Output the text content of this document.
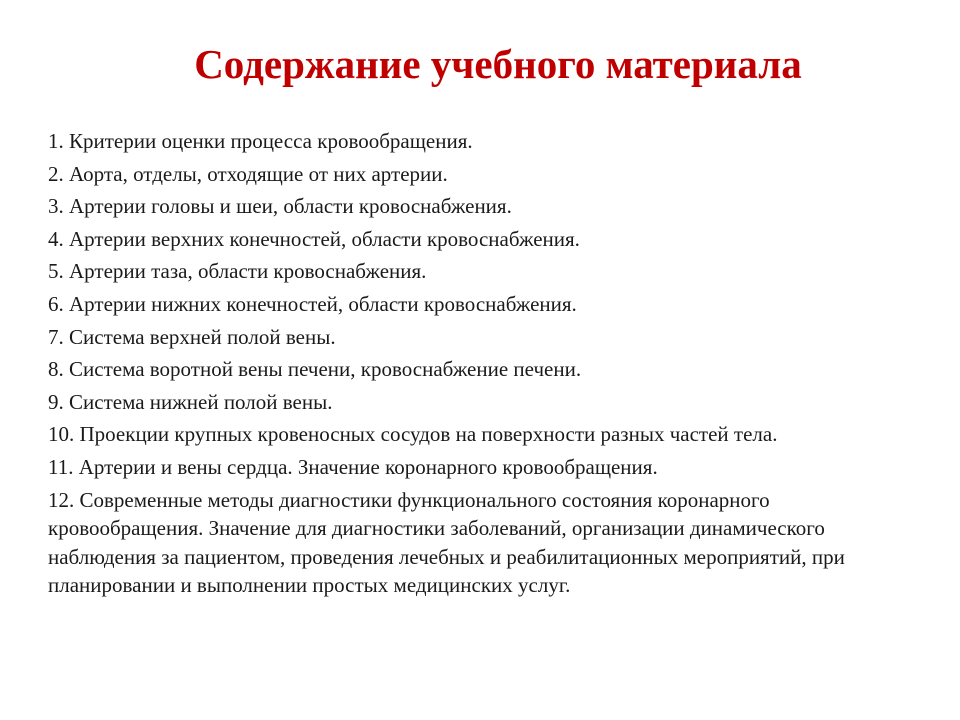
Содержание учебного материала
1. Критерии оценки процесса кровообращения.
2. Аорта, отделы, отходящие от них артерии.
3. Артерии головы и шеи, области кровоснабжения.
4. Артерии верхних конечностей, области кровоснабжения.
5. Артерии таза, области кровоснабжения.
6. Артерии нижних конечностей, области кровоснабжения.
7. Система верхней полой вены.
8. Система воротной вены печени, кровоснабжение печени.
9. Система нижней полой вены.
10. Проекции крупных кровеносных сосудов на поверхности разных частей тела.
11. Артерии и вены сердца. Значение коронарного кровообращения.
12. Современные методы диагностики функционального состояния коронарного кровообращения. Значение для диагностики заболеваний, организации динамического наблюдения за пациентом, проведения лечебных и реабилитационных мероприятий, при планировании и выполнении простых медицинских услуг.
